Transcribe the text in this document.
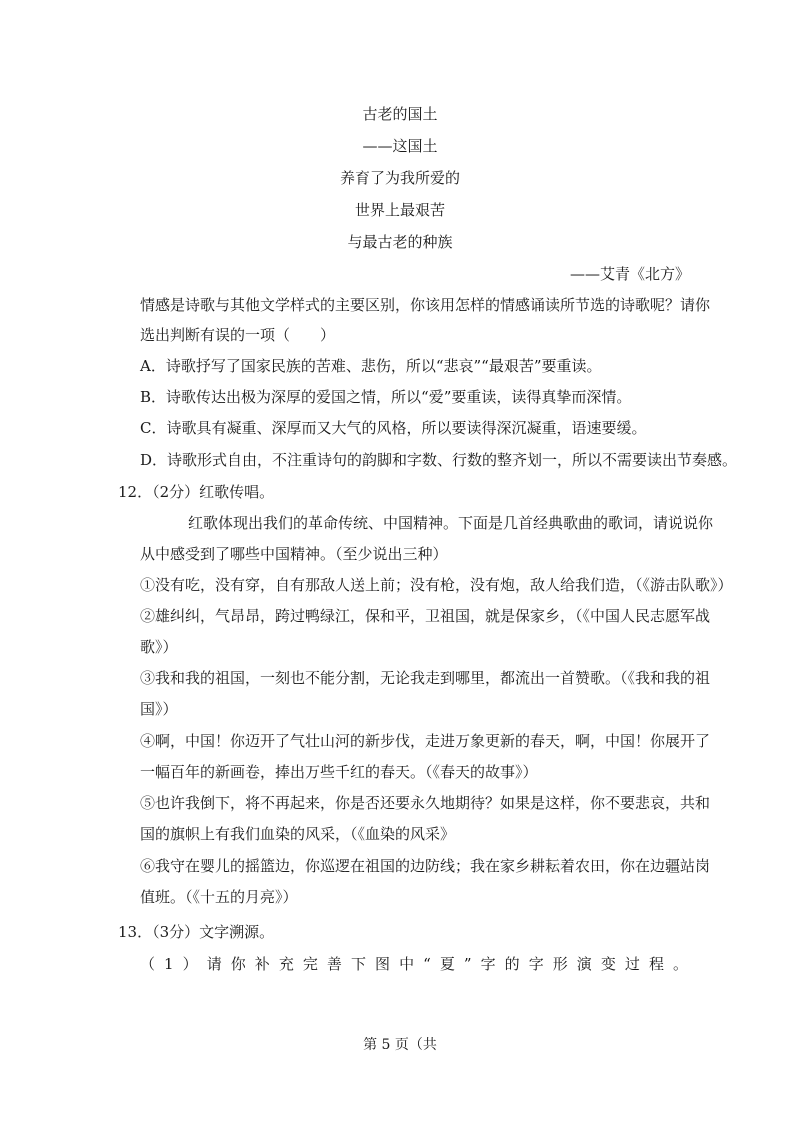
古老的国土
——这国土
养育了为我所爱的
世界上最艰苦
与最古老的种族
——艾青《北方》
情感是诗歌与其他文学样式的主要区别，你该用怎样的情感诵读所节选的诗歌呢？请你
选出判断有误的一项（　　）
A．诗歌抒写了国家民族的苦难、悲伤，所以“悲哀”“最艰苦”要重读。
B．诗歌传达出极为深厚的爱国之情，所以“爱”要重读，读得真挚而深情。
C．诗歌具有凝重、深厚而又大气的风格，所以要读得深沉凝重，语速要缓。
D．诗歌形式自由，不注重诗句的韵脚和字数、行数的整齐划一，所以不需要读出节奏感。
12．（2分）红歌传唱。
红歌体现出我们的革命传统、中国精神。下面是几首经典歌曲的歌词，请说说你
从中感受到了哪些中国精神。（至少说出三种）
①没有吃，没有穿，自有那敌人送上前；没有枪，没有炮，敌人给我们造，（《游击队歌》）
②雄纠纠，气昂昂，跨过鸭绿江，保和平，卫祖国，就是保家乡，（《中国人民志愿军战
歌》）
③我和我的祖国，一刻也不能分割，无论我走到哪里，都流出一首赞歌。（《我和我的祖
国》）
④啊，中国！你迈开了气壮山河的新步伐，走进万象更新的春天，啊，中国！你展开了
一幅百年的新画卷，捧出万些千红的春天。（《春天的故事》）
⑤也许我倒下，将不再起来，你是否还要永久地期待？如果是这样，你不要悲哀，共和
国的旗帜上有我们血染的风采，（《血染的风采》
⑥我守在婴儿的摇篮边，你巡逻在祖国的边防线；我在家乡耕耘着农田，你在边疆站岗
值班。（《十五的月亮》）
13．（3分）文字溯源。
（1）请你补充完善下图中“夏”字的字形演变过程。
第 5 页（共
